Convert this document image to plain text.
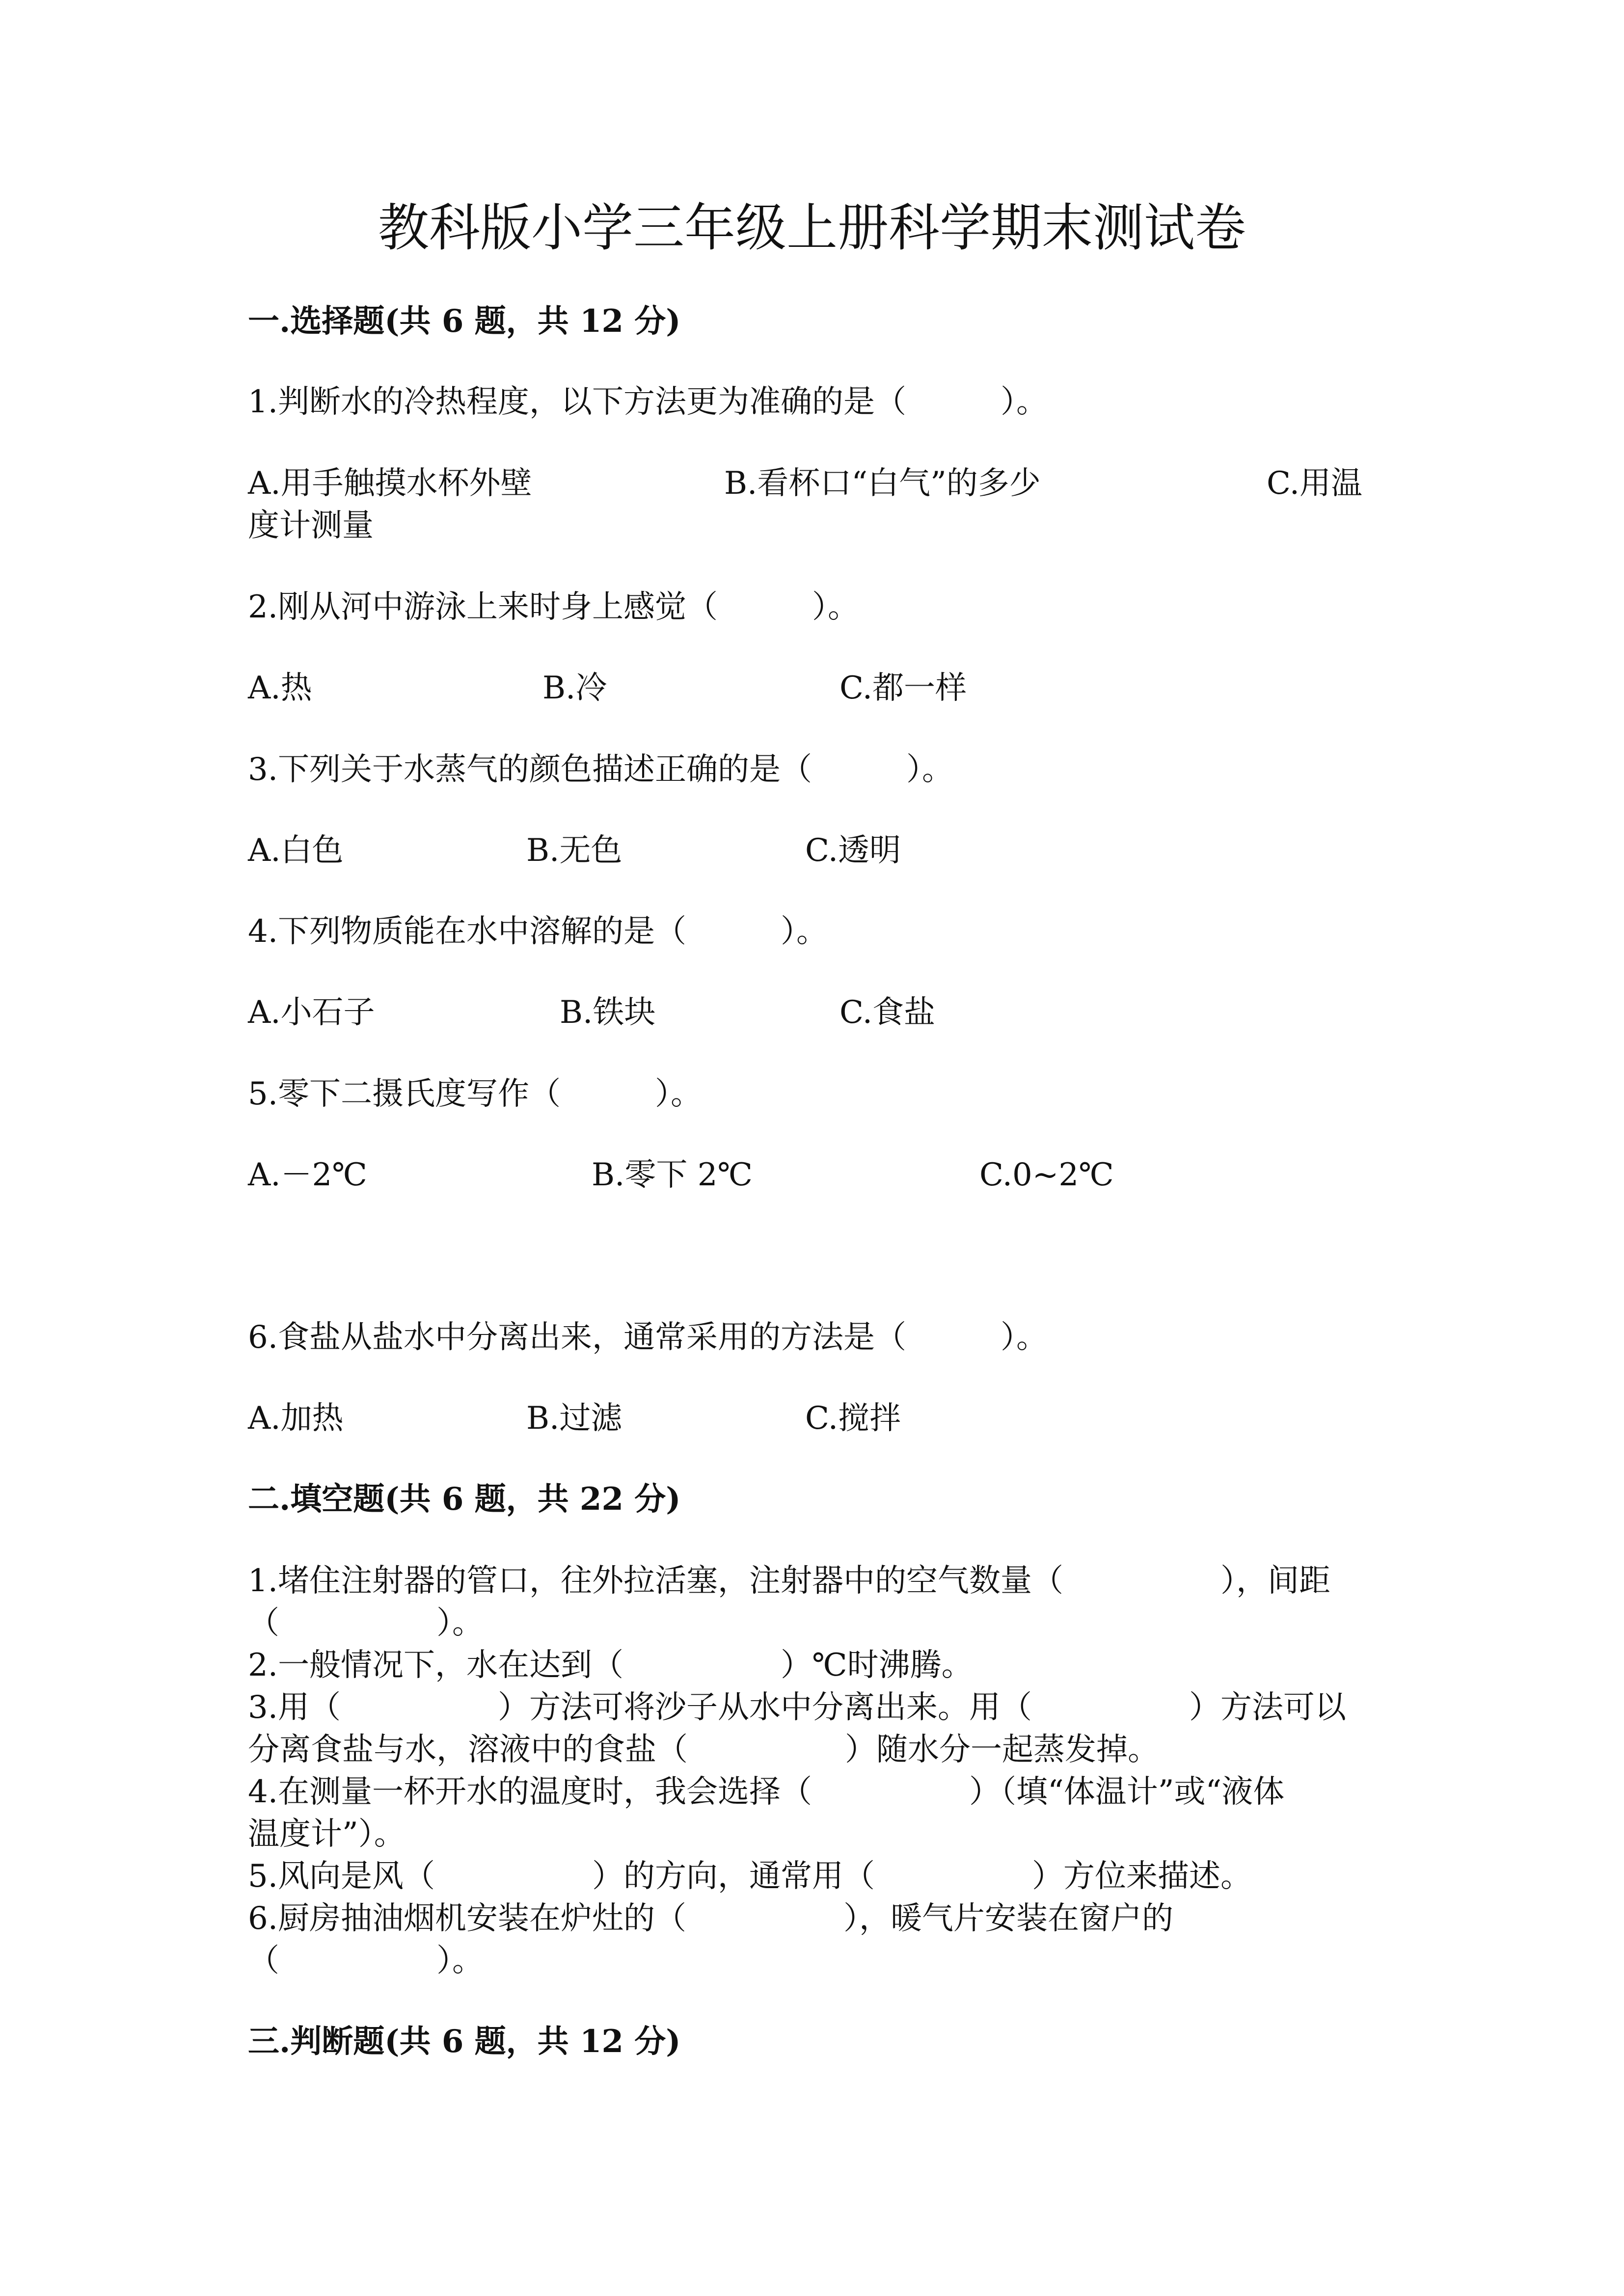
教科版小学三年级上册科学期末测试卷
一.选择题(共 6 题，共 12 分)
1.判断水的冷热程度，以下方法更为准确的是（　　　）。
A.用手触摸水杯外壁	B.看杯口“白气”的多少	C.用温
度计测量
2.刚从河中游泳上来时身上感觉（　　　）。
A.热	B.冷	C.都一样
3.下列关于水蒸气的颜色描述正确的是（　　　）。
A.白色	B.无色	C.透明
4.下列物质能在水中溶解的是（　　　）。
A.小石子	B.铁块	C.食盐
5.零下二摄氏度写作（　　　）。
A.－2℃	B.零下 2℃	C.0~2℃
6.食盐从盐水中分离出来，通常采用的方法是（　　　）。
A.加热	B.过滤	C.搅拌
二.填空题(共 6 题，共 22 分)
1.堵住注射器的管口，往外拉活塞，注射器中的空气数量（　　　　　），间距
（　　　　　）。
2.一般情况下，水在达到（　　　　　）℃时沸腾。
3.用（　　　　　）方法可将沙子从水中分离出来。用（　　　　　）方法可以
分离食盐与水，溶液中的食盐（　　　　　）随水分一起蒸发掉。
4.在测量一杯开水的温度时，我会选择（　　　　　）（填“体温计”或“液体
温度计”）。
5.风向是风（　　　　　）的方向，通常用（　　　　　）方位来描述。
6.厨房抽油烟机安装在炉灶的（　　　　　），暖气片安装在窗户的
（　　　　　）。
三.判断题(共 6 题，共 12 分)
